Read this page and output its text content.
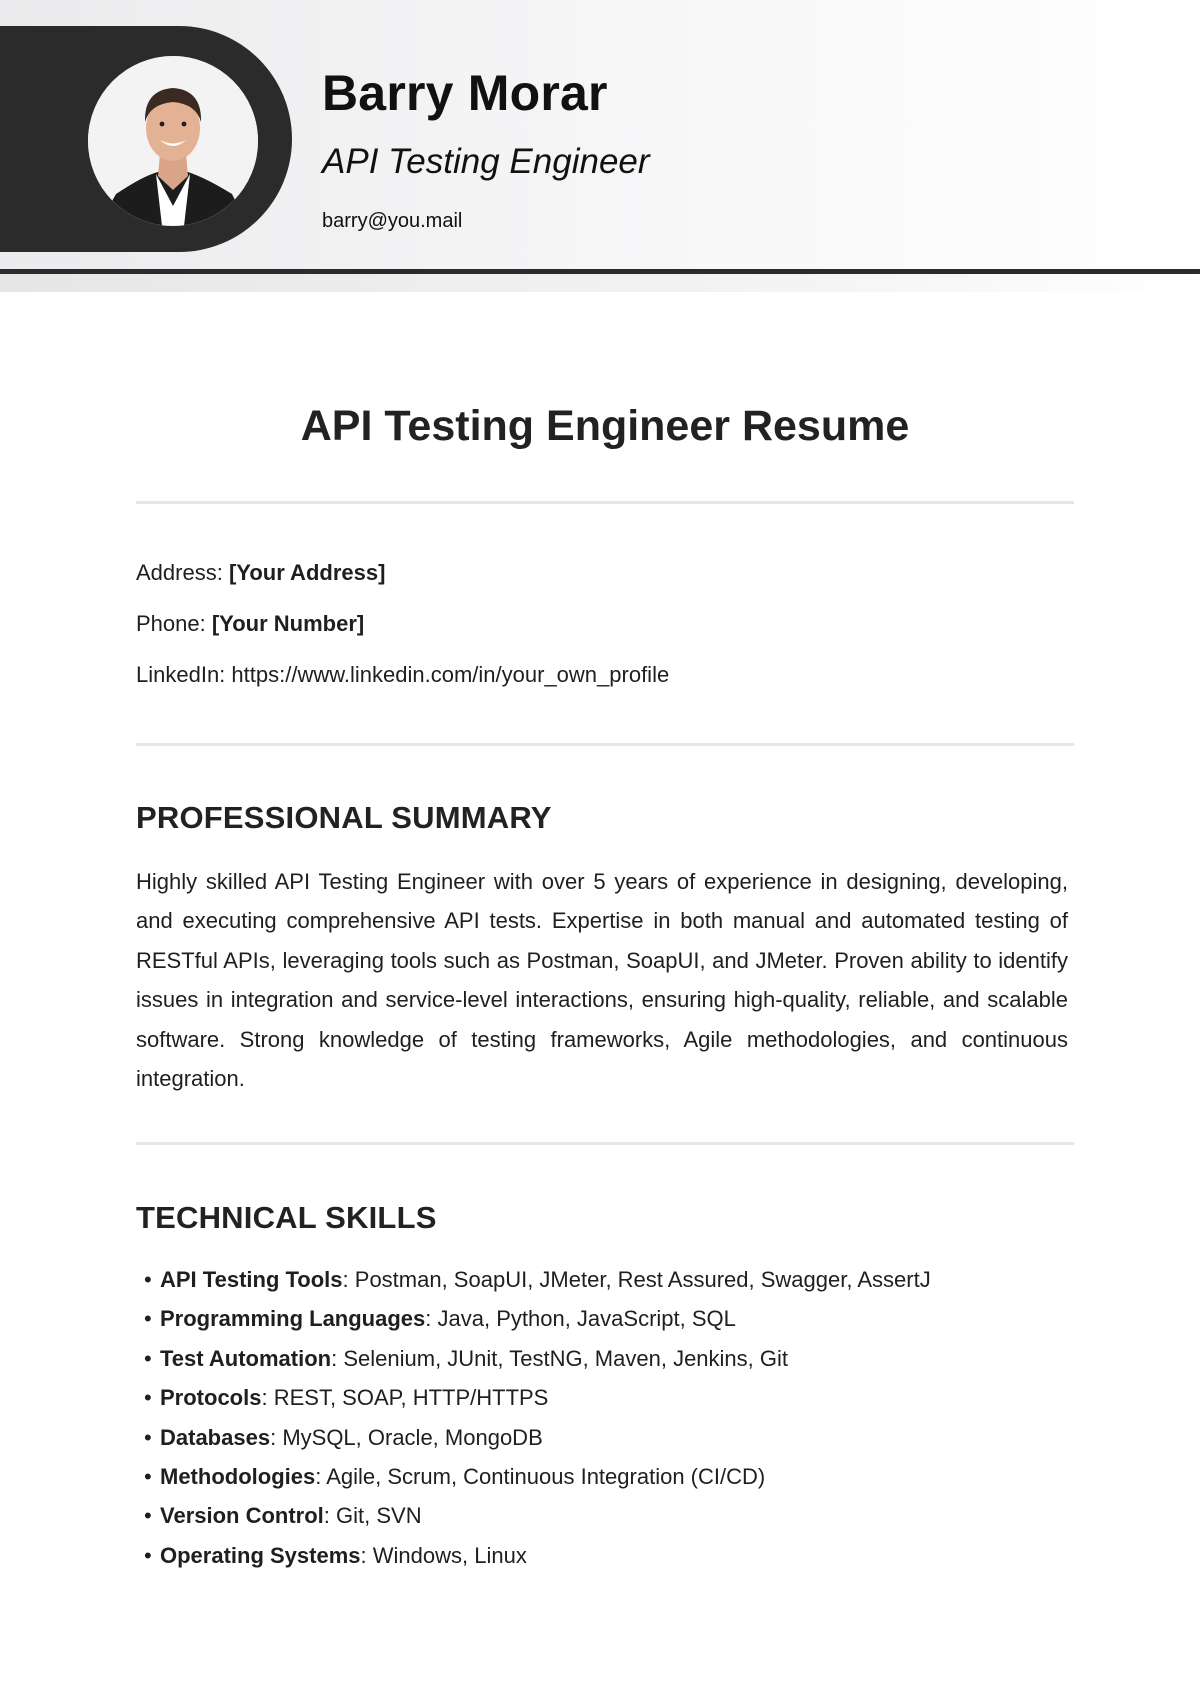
Barry Morar
API Testing Engineer
barry@you.mail
API Testing Engineer Resume
Address: [Your Address]
Phone: [Your Number]
LinkedIn: https://www.linkedin.com/in/your_own_profile
PROFESSIONAL SUMMARY

Highly skilled API Testing Engineer with over 5 years of experience in designing, developing, and executing comprehensive API tests. Expertise in both manual and automated testing of RESTful APIs, leveraging tools such as Postman, SoapUI, and JMeter. Proven ability to identify issues in integration and service-level interactions, ensuring high-quality, reliable, and scalable software. Strong knowledge of testing frameworks, Agile methodologies, and continuous integration.

TECHNICAL SKILLS
• API Testing Tools: Postman, SoapUI, JMeter, Rest Assured, Swagger, AssertJ
• Programming Languages: Java, Python, JavaScript, SQL
• Test Automation: Selenium, JUnit, TestNG, Maven, Jenkins, Git
• Protocols: REST, SOAP, HTTP/HTTPS
• Databases: MySQL, Oracle, MongoDB
• Methodologies: Agile, Scrum, Continuous Integration (CI/CD)
• Version Control: Git, SVN
• Operating Systems: Windows, Linux
